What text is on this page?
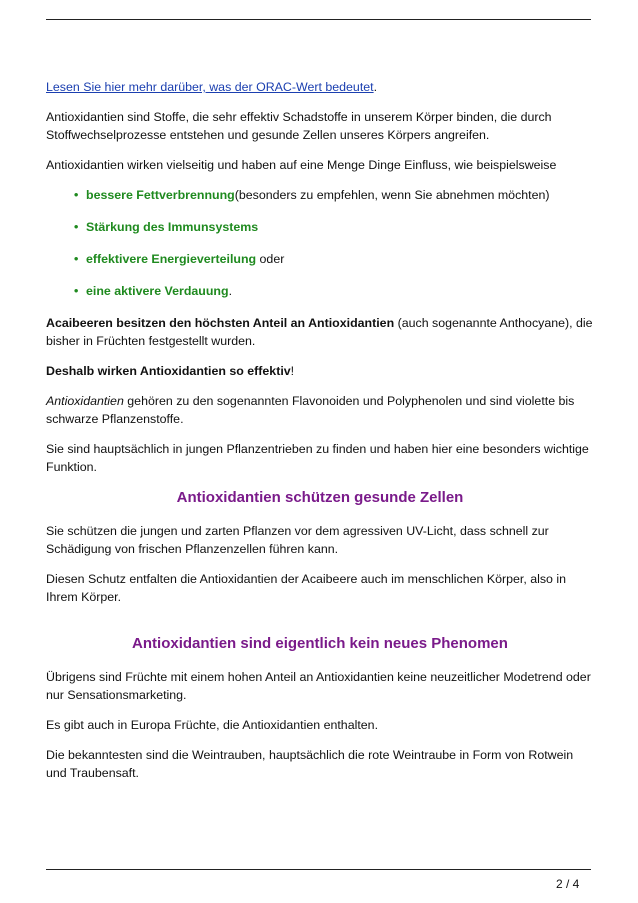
Lesen Sie hier mehr darüber, was der ORAC-Wert bedeutet.

Antioxidantien sind Stoffe, die sehr effektiv Schadstoffe in unserem Körper binden, die durch Stoffwechselprozesse entstehen und gesunde Zellen unseres Körpers angreifen.

Antioxidantien wirken vielseitig und haben auf eine Menge Dinge Einfluss, wie beispielsweise

• bessere Fettverbrennung(besonders zu empfehlen, wenn Sie abnehmen möchten)
• Stärkung des Immunsystems
• effektivere Energieverteilung oder
• eine aktivere Verdauung.

Acaibeeren besitzen den höchsten Anteil an Antioxidantien (auch sogenannte Anthocyane), die bisher in Früchten festgestellt wurden.

Deshalb wirken Antioxidantien so effektiv!

Antioxidantien gehören zu den sogenannten Flavonoiden und Polyphenolen und sind violette bis schwarze Pflanzenstoffe.

Sie sind hauptsächlich in jungen Pflanzentrieben zu finden und haben hier eine besonders wichtige Funktion.

Antioxidantien schützen gesunde Zellen

Sie schützen die jungen und zarten Pflanzen vor dem agressiven UV-Licht, dass schnell zur Schädigung von frischen Pflanzenzellen führen kann.

Diesen Schutz entfalten die Antioxidantien der Acaibeere auch im menschlichen Körper, also in Ihrem Körper.

Antioxidantien sind eigentlich kein neues Phenomen

Übrigens sind Früchte mit einem hohen Anteil an Antioxidantien keine neuzeitlicher Modetrend oder nur Sensationsmarketing.

Es gibt auch in Europa Früchte, die Antioxidantien enthalten.

Die bekanntesten sind die Weintrauben, hauptsächlich die rote Weintraube in Form von Rotwein und Traubensaft.

2 / 4
